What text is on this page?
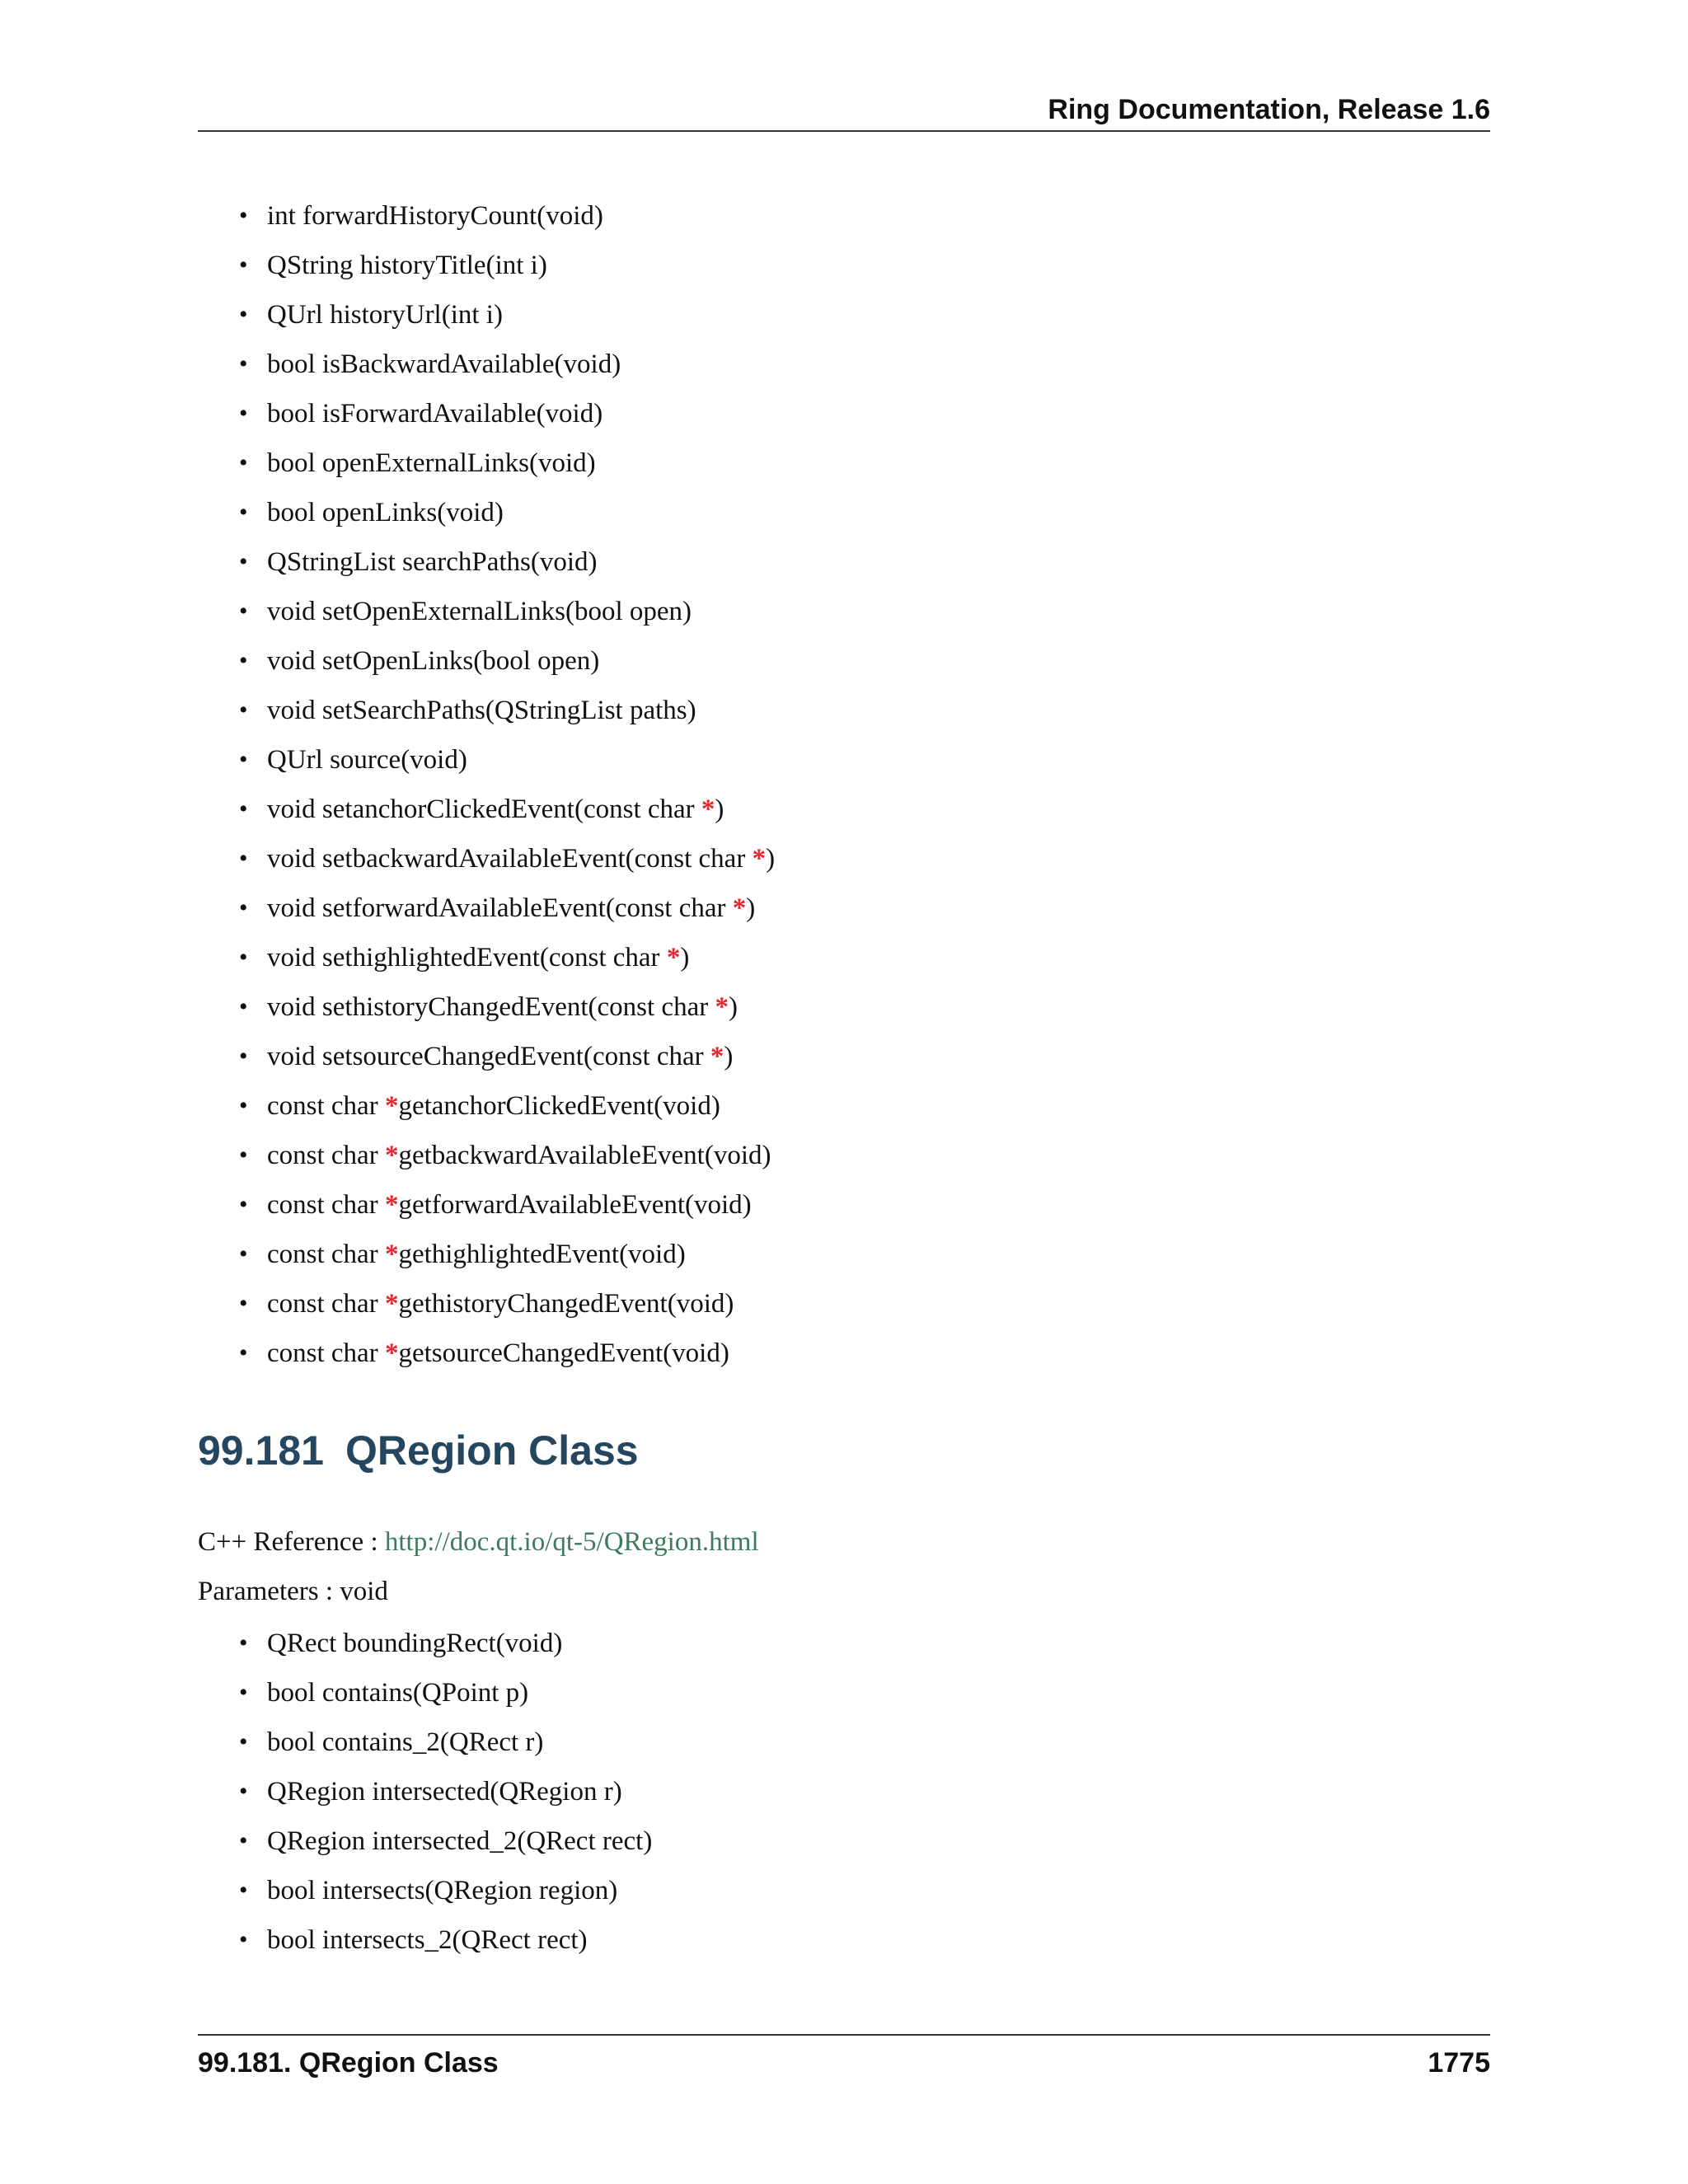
Ring Documentation, Release 1.6
• int forwardHistoryCount(void)
• QString historyTitle(int i)
• QUrl historyUrl(int i)
• bool isBackwardAvailable(void)
• bool isForwardAvailable(void)
• bool openExternalLinks(void)
• bool openLinks(void)
• QStringList searchPaths(void)
• void setOpenExternalLinks(bool open)
• void setOpenLinks(bool open)
• void setSearchPaths(QStringList paths)
• QUrl source(void)
• void setanchorClickedEvent(const char *)
• void setbackwardAvailableEvent(const char *)
• void setforwardAvailableEvent(const char *)
• void sethighlightedEvent(const char *)
• void sethistoryChangedEvent(const char *)
• void setsourceChangedEvent(const char *)
• const char *getanchorClickedEvent(void)
• const char *getbackwardAvailableEvent(void)
• const char *getforwardAvailableEvent(void)
• const char *gethighlightedEvent(void)
• const char *gethistoryChangedEvent(void)
• const char *getsourceChangedEvent(void)
99.181 QRegion Class

C++ Reference : http://doc.qt.io/qt-5/QRegion.html

Parameters : void

• QRect boundingRect(void)
• bool contains(QPoint p)
• bool contains_2(QRect r)
• QRegion intersected(QRegion r)
• QRegion intersected_2(QRect rect)
• bool intersects(QRegion region)
• bool intersects_2(QRect rect)
99.181. QRegion Class	1775
